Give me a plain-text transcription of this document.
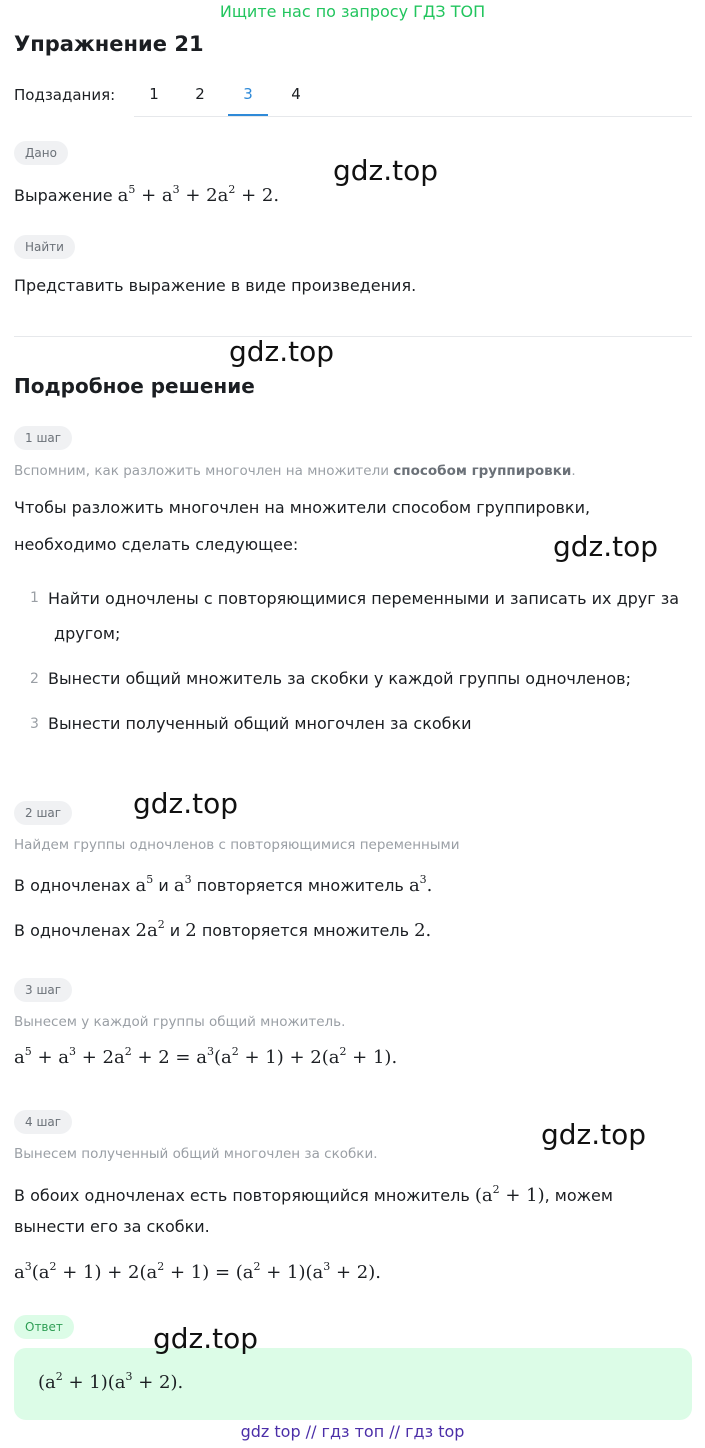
Ищите нас по запросу ГДЗ ТОП
Упражнение 21
Подзадания:	1	2	3	4
Дано
Выражение $a^5 + a^3 + 2a^2 + 2$.
Найти
Представить выражение в виде произведения.
Подробное решение
1 шаг
Вспомним, как разложить многочлен на множители способом группировки.
Чтобы разложить многочлен на множители способом группировки,
необходимо сделать следующее:
1 Найти одночлены с повторяющимися переменными и записать их друг за
другом;
2 Вынести общий множитель за скобки у каждой группы одночленов;
3 Вынести полученный общий многочлен за скобки
2 шаг
Найдем группы одночленов с повторяющимися переменными
В одночленах $a^5$ и $a^3$ повторяется множитель $a^3$.
В одночленах $2a^2$ и 2 повторяется множитель 2.
3 шаг
Вынесем у каждой группы общий множитель.
$a^5 + a^3 + 2a^2 + 2 = a^3(a^2 + 1) + 2(a^2 + 1)$.
4 шаг
Вынесем полученный общий многочлен за скобки.
В обоих одночленах есть повторяющийся множитель $(a^2 + 1)$, можем
вынести его за скобки.
$a^3(a^2 + 1) + 2(a^2 + 1) = (a^2 + 1)(a^3 + 2)$.
Ответ
$(a^2 + 1)(a^3 + 2)$.
gdz.top
gdz.top
gdz.top
gdz.top
gdz.top
gdz.top
gdz top // гдз топ // гдз top
